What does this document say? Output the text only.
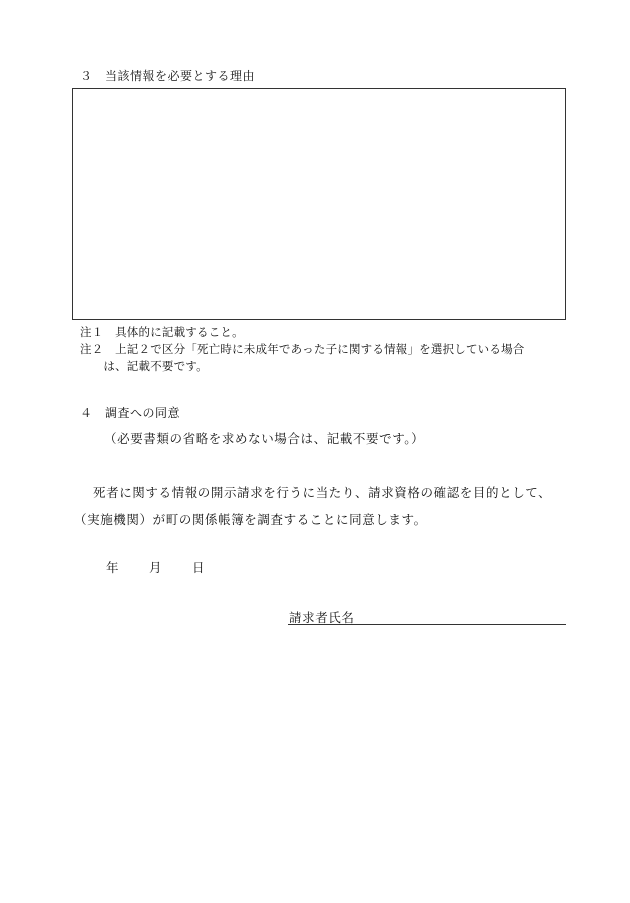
３　当該情報を必要とする理由
注１　具体的に記載すること。
注２　上記２で区分「死亡時に未成年であった子に関する情報」を選択している場合
　　は、記載不要です。
４　調査への同意
（必要書類の省略を求めない場合は、記載不要です。）
死者に関する情報の開示請求を行うに当たり、請求資格の確認を目的として、
（実施機関）が町の関係帳簿を調査することに同意します。
年 月 日
請求者氏名
